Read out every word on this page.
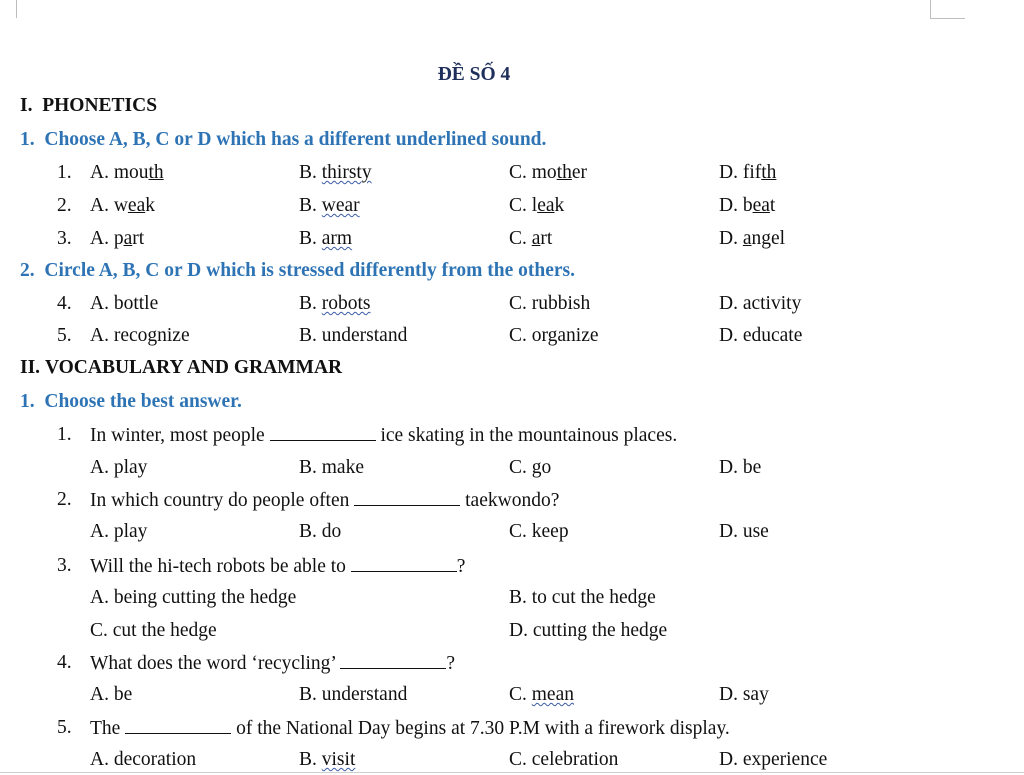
ĐỀ SỐ 4
I. PHONETICS
1. Choose A, B, C or D which has a different underlined sound.
1. A. mouth	B. thirsty	C. mother	D. fifth
2. A. weak	B. wear	C. leak	D. beat
3. A. part	B. arm	C. art	D. angel
2. Circle A, B, C or D which is stressed differently from the others.
4. A. bottle	B. robots	C. rubbish	D. activity
5. A. recognize	B. understand	C. organize	D. educate
II. VOCABULARY AND GRAMMAR
1. Choose the best answer.
1. In winter, most people	ice skating in the mountainous places.
A. play	B. make	C. go	D. be
2. In which country do people often	taekwondo?
A. play	B. do	C. keep	D. use
3. Will the hi-tech robots be able to	?
A. being cutting the hedge	B. to cut the hedge
C. cut the hedge	D. cutting the hedge
4. What does the word ‘recycling’	?
A. be	B. understand	C. mean	D. say
5. The	of the National Day begins at 7.30 P.M with a firework display.
A. decoration	B. visit	C. celebration	D. experience
